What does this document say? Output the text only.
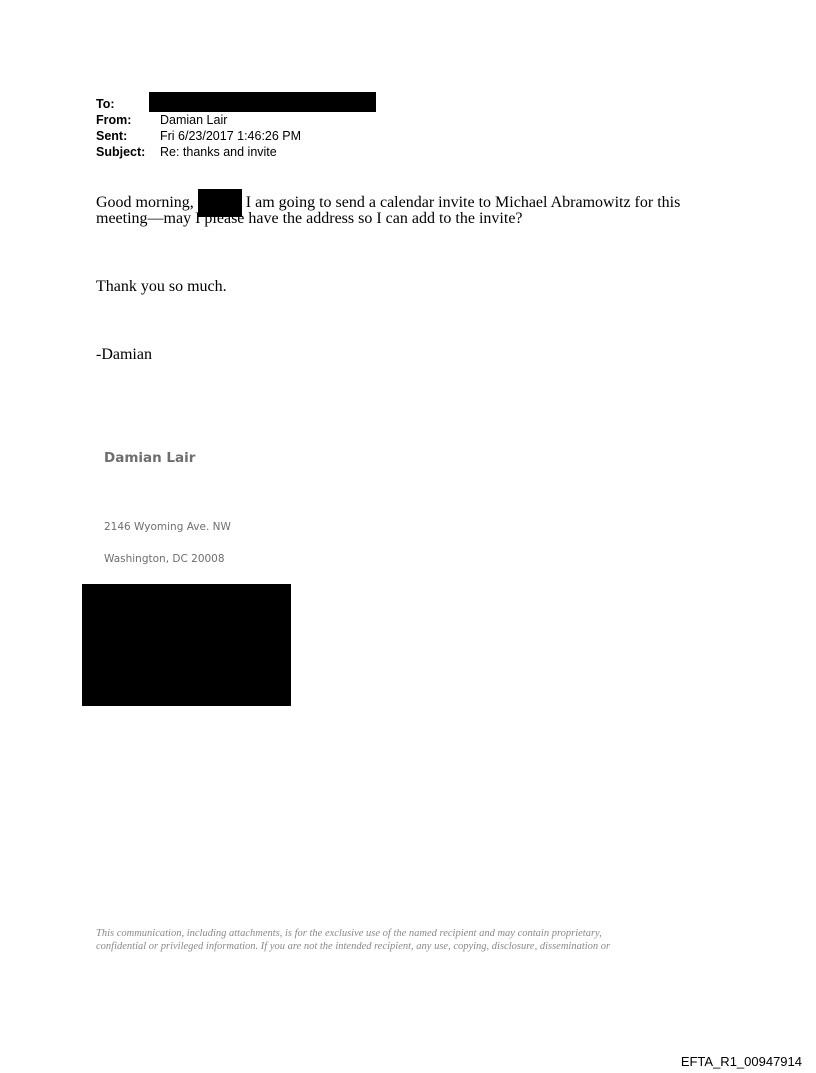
To:
From:	Damian Lair
Sent:	Fri 6/23/2017 1:46:26 PM
Subject:	Re: thanks and invite
Good morning,	I am going to send a calendar invite to Michael Abramowitz for this
meeting—may I please have the address so I can add to the invite?
Thank you so much.
-Damian
Damian Lair
2146 Wyoming Ave. NW
Washington, DC 20008
This communication, including attachments, is for the exclusive use of the named recipient and may contain proprietary,
confidential or privileged information. If you are not the intended recipient, any use, copying, disclosure, dissemination or
EFTA_R1_00947914
